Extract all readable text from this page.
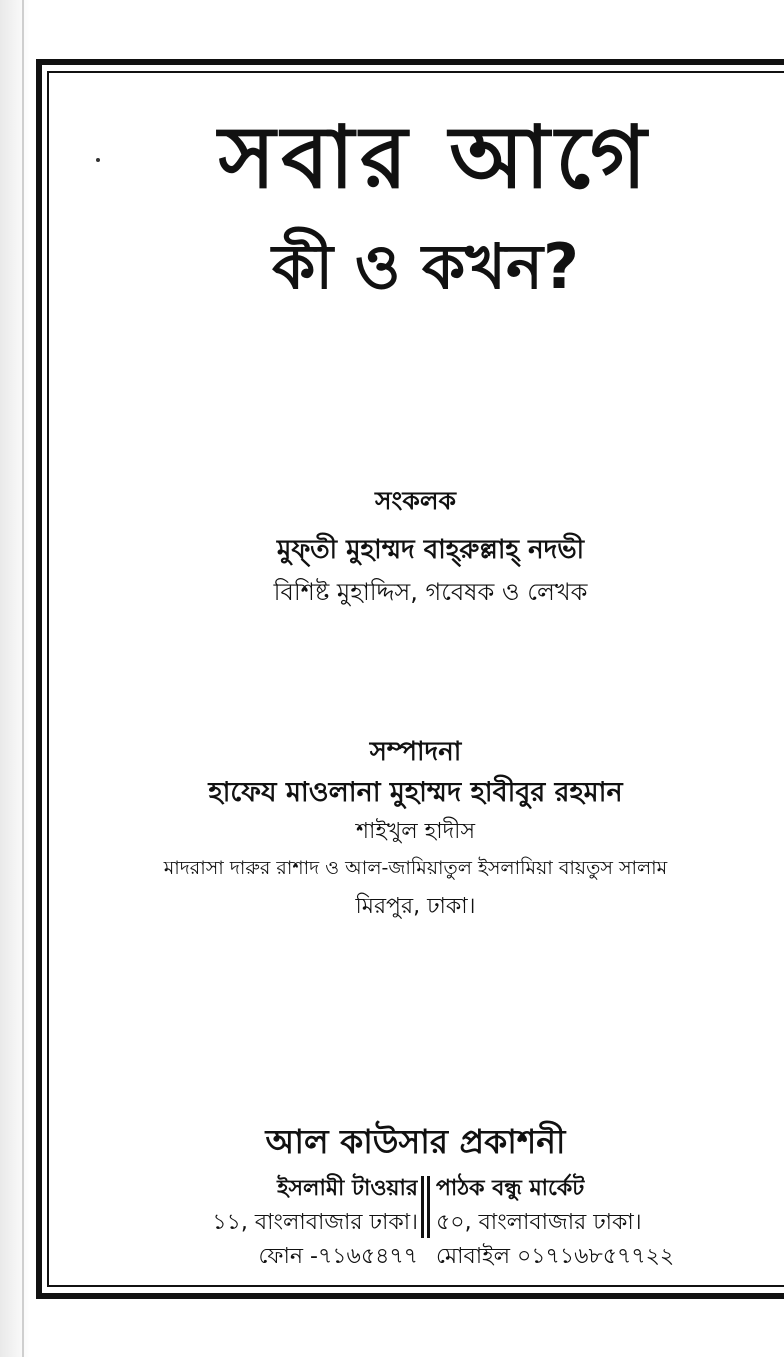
সবার আগে
কী ও কখন?
সংকলক
মুফ্‌তী মুহাম্মদ বাহ্‌রুল্লাহ্‌ নদভী
বিশিষ্ট মুহাদ্দিস, গবেষক ও লেখক
সম্পাদনা
হাফেয মাওলানা মুহাম্মদ হাবীবুর রহমান
শাইখুল হাদীস
মাদরাসা দারুর রাশাদ ও আল-জামিয়াতুল ইসলামিয়া বায়তুস সালাম
মিরপুর, ঢাকা।
আল কাউসার প্রকাশনী
ইসলামী টাওয়ার
১১, বাংলাবাজার ঢাকা।
ফোন -৭১৬৫৪৭৭
পাঠক বন্ধু মার্কেট
৫০, বাংলাবাজার ঢাকা।
মোবাইল ০১৭১৬৮৫৭৭২২
